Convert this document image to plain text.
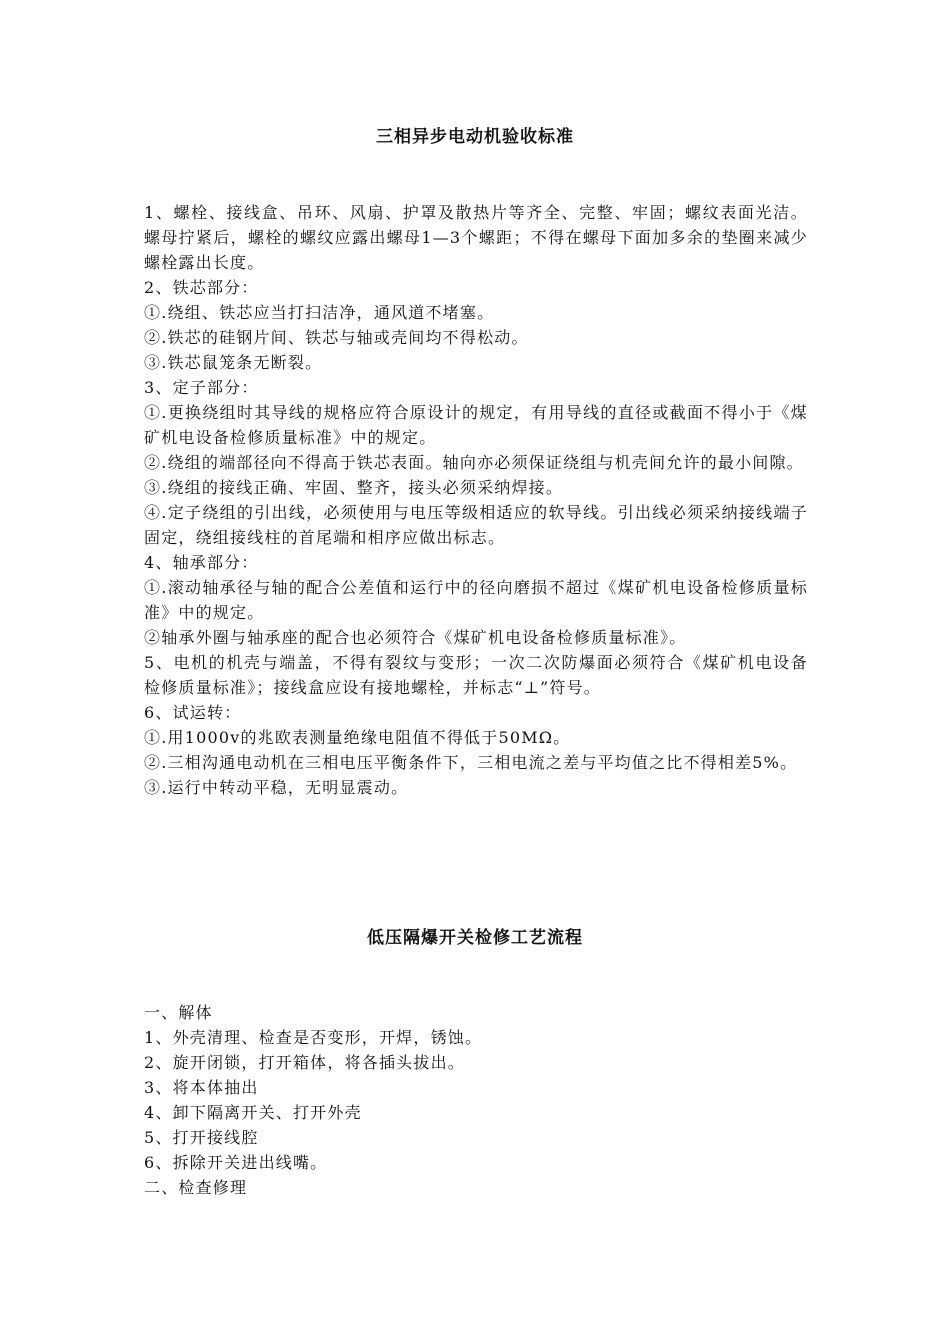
三相异步电动机验收标准

1、螺栓、接线盒、吊环、风扇、护罩及散热片等齐全、完整、牢固；螺纹表面光洁。螺母拧紧后，螺栓的螺纹应露出螺母1—3个螺距；不得在螺母下面加多余的垫圈来减少螺栓露出长度。

2、铁芯部分：

①.绕组、铁芯应当打扫洁净，通风道不堵塞。

②.铁芯的硅钢片间、铁芯与轴或壳间均不得松动。

③.铁芯鼠笼条无断裂。

3、定子部分：

①.更换绕组时其导线的规格应符合原设计的规定，有用导线的直径或截面不得小于《煤矿机电设备检修质量标准》中的规定。

②.绕组的端部径向不得高于铁芯表面。轴向亦必须保证绕组与机壳间允许的最小间隙。

③.绕组的接线正确、牢固、整齐，接头必须采纳焊接。

④.定子绕组的引出线，必须使用与电压等级相适应的软导线。引出线必须采纳接线端子固定，绕组接线柱的首尾端和相序应做出标志。

4、轴承部分：

①.滚动轴承径与轴的配合公差值和运行中的径向磨损不超过《煤矿机电设备检修质量标准》中的规定。

②轴承外圈与轴承座的配合也必须符合《煤矿机电设备检修质量标准》。

5、电机的机壳与端盖，不得有裂纹与变形；一次二次防爆面必须符合《煤矿机电设备检修质量标准》；接线盒应设有接地螺栓，并标志“⊥”符号。

6、试运转：

①.用1000v的兆欧表测量绝缘电阻值不得低于50MΩ。

②.三相沟通电动机在三相电压平衡条件下，三相电流之差与平均值之比不得相差5%。

③.运行中转动平稳，无明显震动。

低压隔爆开关检修工艺流程

一、解体

1、外壳清理、检查是否变形，开焊，锈蚀。

2、旋开闭锁，打开箱体，将各插头拔出。

3、将本体抽出

4、卸下隔离开关、打开外壳

5、打开接线腔

6、拆除开关进出线嘴。

二、检查修理
